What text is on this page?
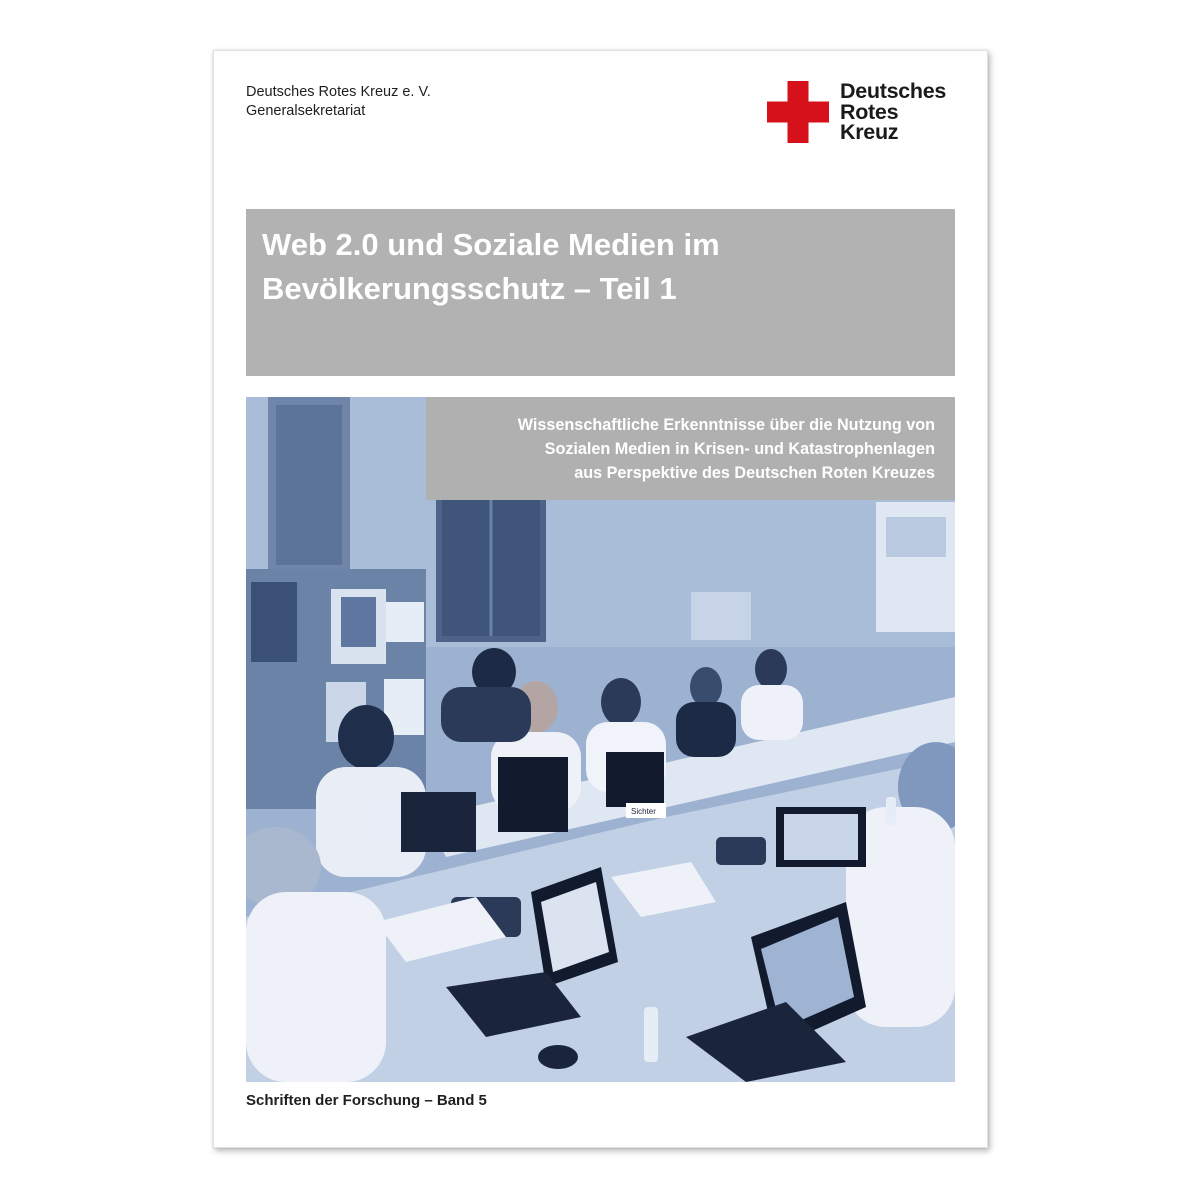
Deutsches Rotes Kreuz e. V.
Generalsekretariat
Deutsches
Rotes
Kreuz
Web 2.0 und Soziale Medien im
Bevölkerungsschutz – Teil 1
Sichter
Wissenschaftliche Erkenntnisse über die Nutzung von
Sozialen Medien in Krisen- und Katastrophenlagen
aus Perspektive des Deutschen Roten Kreuzes
Schriften der Forschung – Band 5
